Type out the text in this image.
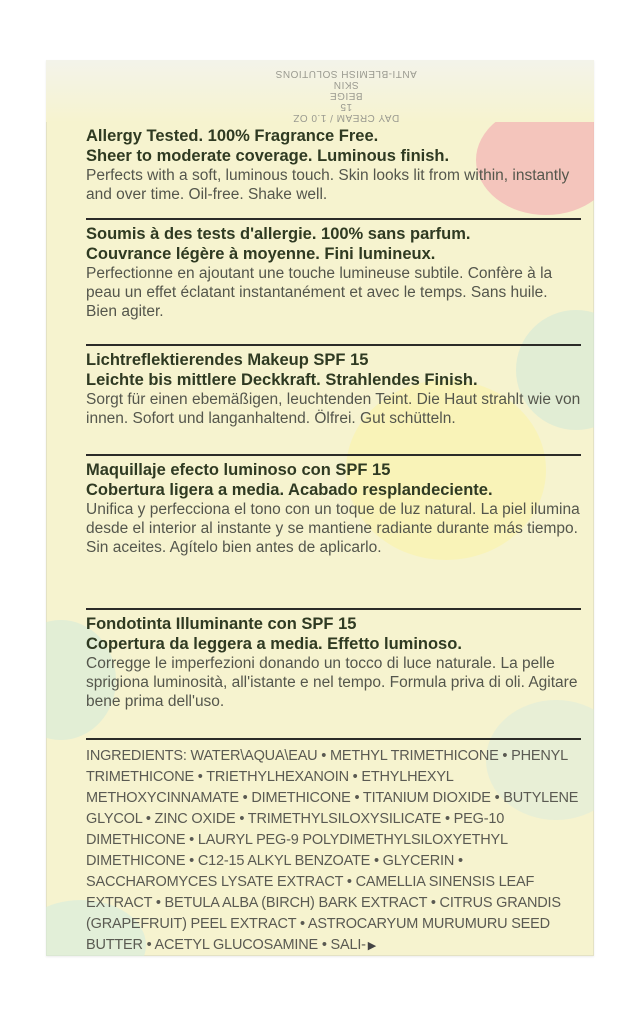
DAY CREAM / 1.0 OZ
15
BEIGE
SKIN
ANTI-BLEMISH SOLUTIONS
Allergy Tested. 100% Fragrance Free.
Sheer to moderate coverage. Luminous finish.
Perfects with a soft, luminous touch. Skin looks lit from within, instantly and over time. Oil-free. Shake well.
Soumis à des tests d'allergie. 100% sans parfum.
Couvrance légère à moyenne. Fini lumineux.
Perfectionne en ajoutant une touche lumineuse subtile. Confère à la peau un effet éclatant instantanément et avec le temps. Sans huile. Bien agiter.
Lichtreflektierendes Makeup SPF 15
Leichte bis mittlere Deckkraft. Strahlendes Finish.
Sorgt für einen ebemäßigen, leuchtenden Teint. Die Haut strahlt wie von innen. Sofort und langanhaltend. Ölfrei. Gut schütteln.
Maquillaje efecto luminoso con SPF 15
Cobertura ligera a media. Acabado resplandeciente.
Unifica y perfecciona el tono con un toque de luz natural. La piel ilumina desde el interior al instante y se mantiene radiante durante más tiempo. Sin aceites. Agítelo bien antes de aplicarlo.
Fondotinta Illuminante con SPF 15
Copertura da leggera a media. Effetto luminoso.
Corregge le imperfezioni donando un tocco di luce naturale. La pelle sprigiona luminosità, all'istante e nel tempo. Formula priva di oli. Agitare bene prima dell'uso.
INGREDIENTS: WATER\AQUA\EAU • METHYL TRIMETHICONE • PHENYL TRIMETHICONE • TRIETHYLHEXANOIN • ETHYLHEXYL METHOXYCINNAMATE • DIMETHICONE • TITANIUM DIOXIDE • BUTYLENE GLYCOL • ZINC OXIDE • TRIMETHYLSILOXYSILICATE • PEG-10 DIMETHICONE • LAURYL PEG-9 POLYDIMETHYLSILOXYETHYL DIMETHICONE • C12-15 ALKYL BENZOATE • GLYCERIN • SACCHAROMYCES LYSATE EXTRACT • CAMELLIA SINENSIS LEAF EXTRACT • BETULA ALBA (BIRCH) BARK EXTRACT • CITRUS GRANDIS (GRAPEFRUIT) PEEL EXTRACT • ASTROCARYUM MURUMURU SEED BUTTER • ACETYL GLUCOSAMINE • SALI- ▶
